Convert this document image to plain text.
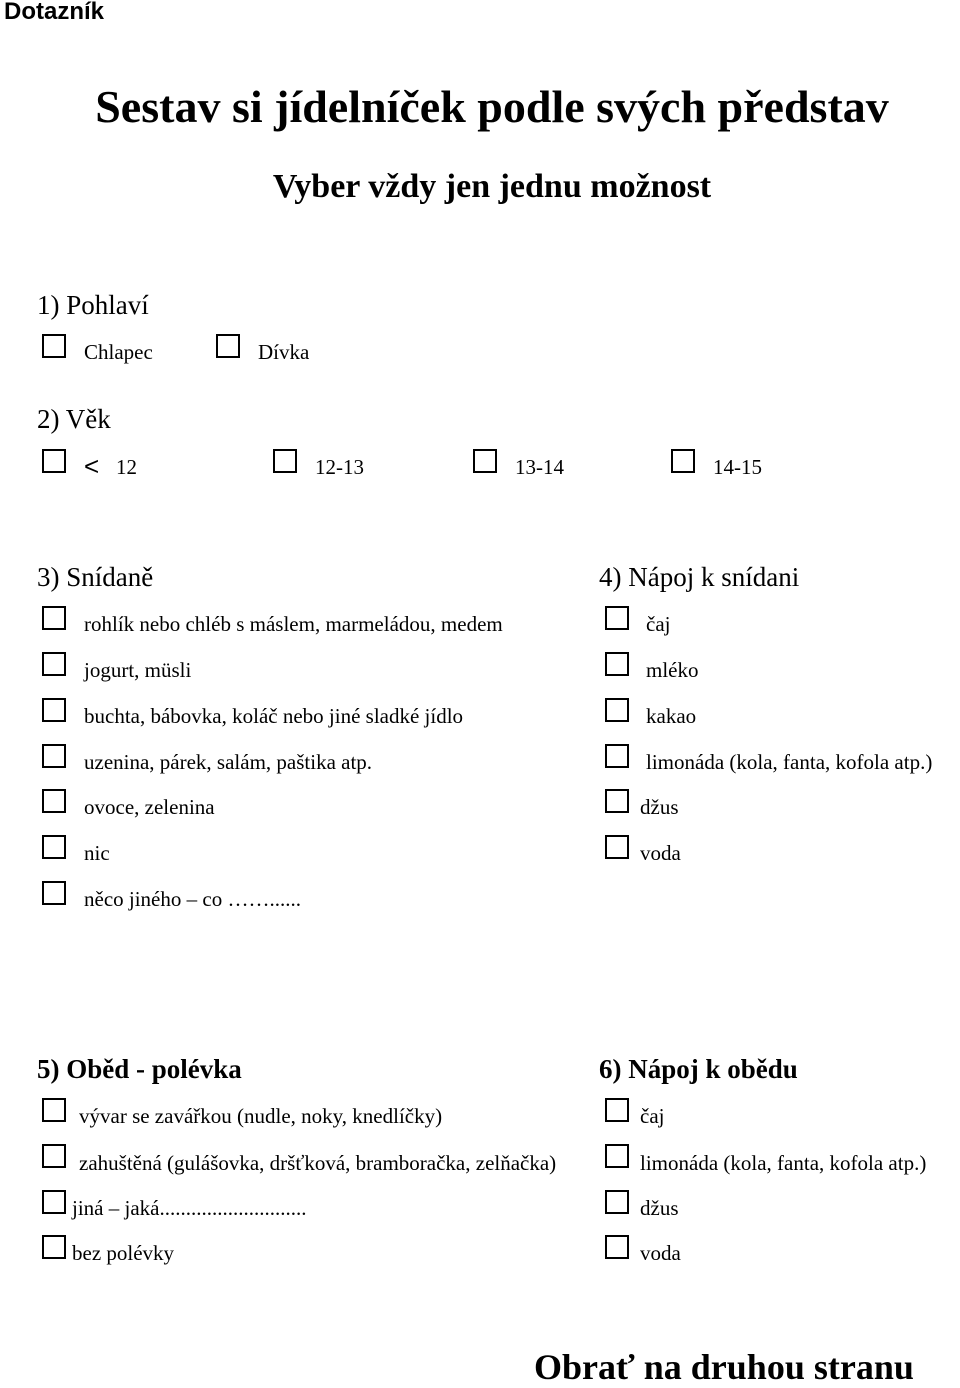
Dotazník
Sestav si jídelníček podle svých představ
Vyber vždy jen jednu možnost
1) Pohlaví
Chlapec	Dívka
2) Věk
< 12	12-13	13-14	14-15
3) Snídaně
rohlík nebo chléb s máslem, marmeládou, medem
jogurt, müsli
buchta, bábovka, koláč nebo jiné sladké jídlo
uzenina, párek, salám, paštika atp.
ovoce, zelenina
nic
něco jiného – co ……......
4) Nápoj k snídani
čaj
mléko
kakao
limonáda (kola, fanta, kofola atp.)
džus
voda
5) Oběd - polévka
vývar se zavářkou (nudle, noky, knedlíčky)
zahuštěná (gulášovka, dršťková, bramboračka, zelňačka)
jiná – jaká............................
bez polévky
6) Nápoj k obědu
čaj
limonáda (kola, fanta, kofola atp.)
džus
voda
Obrať na druhou stranu
